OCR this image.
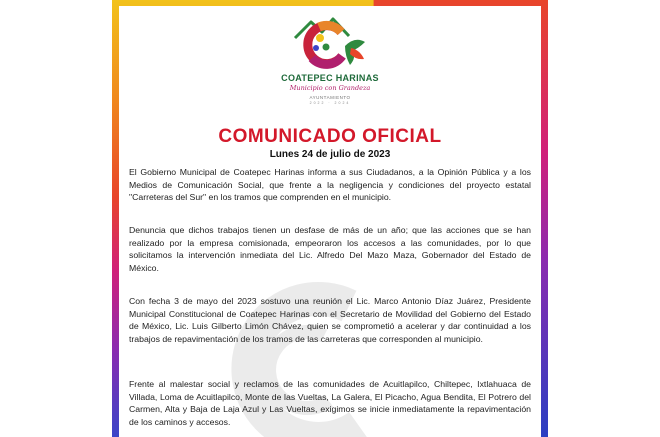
COATEPEC HARINAS
Municipio con Grandeza
AYUNTAMIENTO
2022 · 2024
COMUNICADO OFICIAL
Lunes 24 de julio de 2023

El Gobierno Municipal de Coatepec Harinas informa a sus Ciudadanos, a la Opinión Pública y a los Medios de Comunicación Social, que frente a la negligencia y condiciones del proyecto estatal "Carreteras del Sur" en los tramos que comprenden en el municipio.

Denuncia que dichos trabajos tienen un desfase de más de un año; que las acciones que se han realizado por la empresa comisionada, empeoraron los accesos a las comunidades, por lo que solicitamos la intervención inmediata del Lic. Alfredo Del Mazo Maza, Gobernador del Estado de México.

Con fecha 3 de mayo del 2023 sostuvo una reunión el Lic. Marco Antonio Díaz Juárez, Presidente Municipal Constitucional de Coatepec Harinas con el Secretario de Movilidad del Gobierno del Estado de México, Lic. Luis Gilberto Limón Chávez, quien se comprometió a acelerar y dar continuidad a los trabajos de repavimentación de los tramos de las carreteras que corresponden al municipio.

Frente al malestar social y reclamos de las comunidades de Acuitlapilco, Chiltepec, Ixtlahuaca de Villada, Loma de Acuitlapilco, Monte de las Vueltas, La Galera, El Picacho, Agua Bendita, El Potrero del Carmen, Alta y Baja de Laja Azul y Las Vueltas, exigimos se inicie inmediatamente la repavimentación de los caminos y accesos.
